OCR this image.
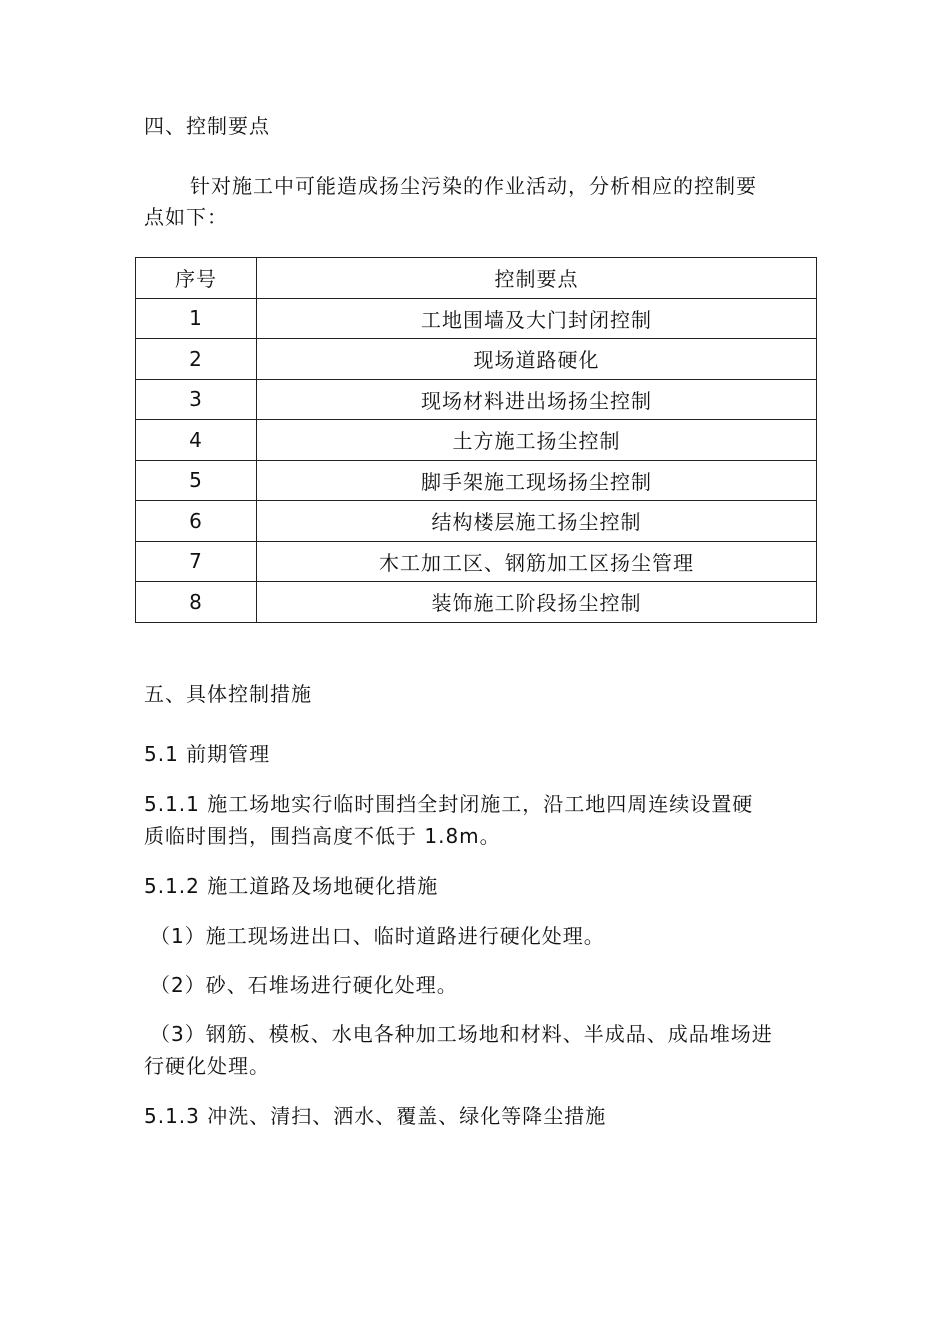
四、控制要点
针对施工中可能造成扬尘污染的作业活动，分析相应的控制要
点如下：
序号	控制要点
1	工地围墙及大门封闭控制
2	现场道路硬化
3	现场材料进出场扬尘控制
4	土方施工扬尘控制
5	脚手架施工现场扬尘控制
6	结构楼层施工扬尘控制
7	木工加工区、钢筋加工区扬尘管理
8	装饰施工阶段扬尘控制
五、具体控制措施
5.1 前期管理
5.1.1 施工场地实行临时围挡全封闭施工，沿工地四周连续设置硬
质临时围挡，围挡高度不低于 1.8m。
5.1.2 施工道路及场地硬化措施
（1）施工现场进出口、临时道路进行硬化处理。
（2）砂、石堆场进行硬化处理。
（3）钢筋、模板、水电各种加工场地和材料、半成品、成品堆场进
行硬化处理。
5.1.3 冲洗、清扫、洒水、覆盖、绿化等降尘措施
